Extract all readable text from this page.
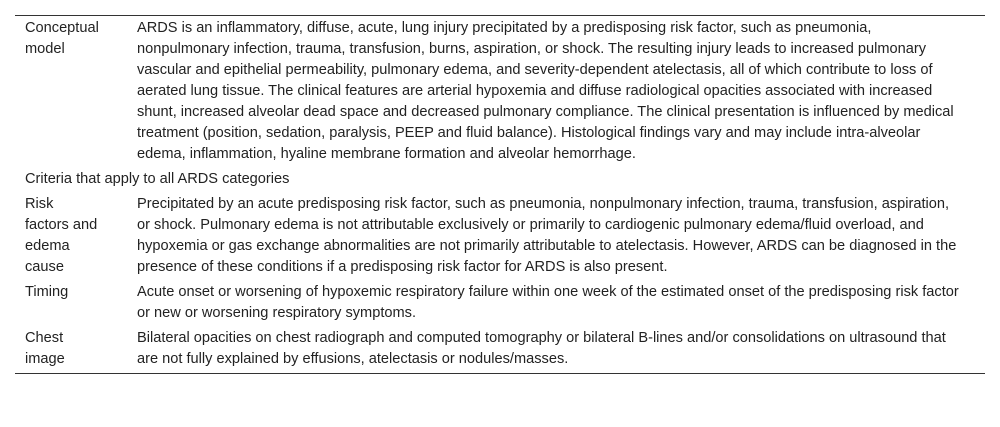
Conceptual
model
ARDS is an inflammatory, diffuse, acute, lung injury precipitated by a predisposing risk factor, such as pneumonia, nonpulmonary infection, trauma, transfusion, burns, aspiration, or shock. The resulting injury leads to increased pulmonary vascular and epithelial permeability, pulmonary edema, and severity-dependent atelectasis, all of which contribute to loss of aerated lung tissue. The clinical features are arterial hypoxemia and diffuse radiological opacities associated with increased shunt, increased alveolar dead space and decreased pulmonary compliance. The clinical presentation is influenced by medical treatment (position, sedation, paralysis, PEEP and fluid balance). Histological findings vary and may include intra-alveolar edema, inflammation, hyaline membrane formation and alveolar hemorrhage.
Criteria that apply to all ARDS categories
Risk
factors and
edema
cause
Precipitated by an acute predisposing risk factor, such as pneumonia, nonpulmonary infection, trauma, transfusion, aspiration, or shock. Pulmonary edema is not attributable exclusively or primarily to cardiogenic pulmonary edema/fluid overload, and hypoxemia or gas exchange abnormalities are not primarily attributable to atelectasis. However, ARDS can be diagnosed in the presence of these conditions if a predisposing risk factor for ARDS is also present.
Timing	Acute onset or worsening of hypoxemic respiratory failure within one week of the estimated onset of the predisposing risk factor or new or worsening respiratory symptoms.
Chest
image
Bilateral opacities on chest radiograph and computed tomography or bilateral B-lines and/or consolidations on ultrasound that are not fully explained by effusions, atelectasis or nodules/masses.
